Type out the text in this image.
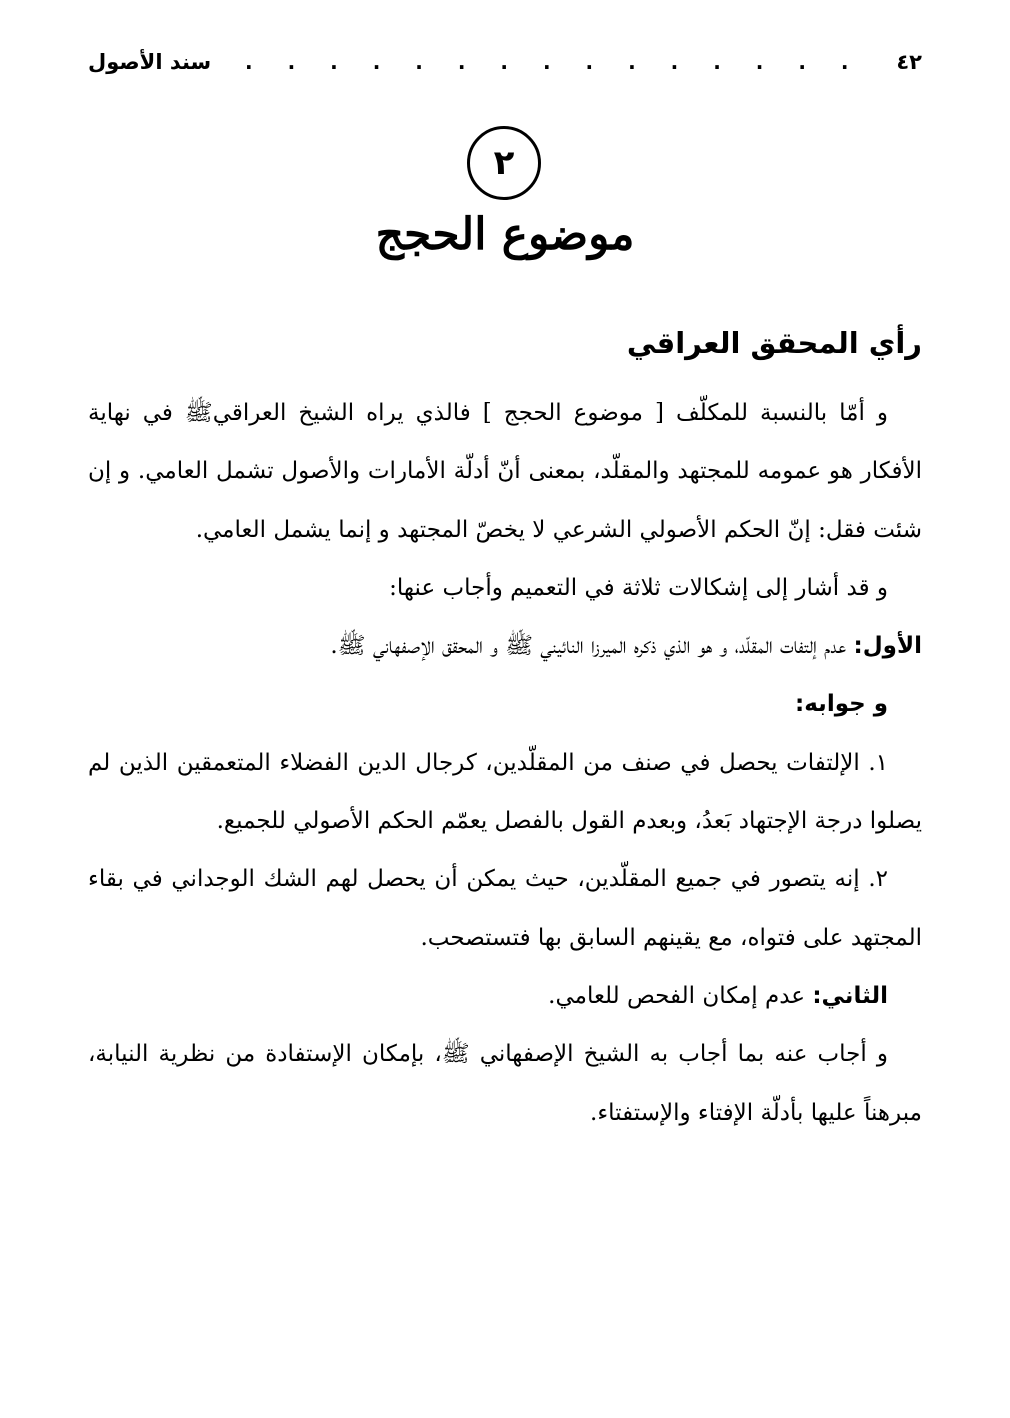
٤٢
. . . . . . . . . . . . . . .
سند الأصول
٢
موضوع الحجج
رأي المحقق العراقي

و أمّا بالنسبة للمكلّف [ موضوع الحجج ] فالذي يراه الشيخ العراقيﷺ في نهاية الأفكار هو عمومه للمجتهد والمقلّد، بمعنى أنّ أدلّة الأمارات والأصول تشمل العامي. و إن شئت فقل: إنّ الحكم الأصولي الشرعي لا يخصّ المجتهد و إنما يشمل العامي.

و قد أشار إلى إشكالات ثلاثة في التعميم وأجاب عنها:

الأول: عدم إلتفات المقلّد، و هو الذي ذكره الميرزا النائيني ﷺ و المحقق الإصفهاني ﷺ.

و جوابه:

١. الإلتفات يحصل في صنف من المقلّدين، كرجال الدين الفضلاء المتعمقين الذين لم يصلوا درجة الإجتهاد بَعدُ، وبعدم القول بالفصل يعمّم الحكم الأصولي للجميع.

٢. إنه يتصور في جميع المقلّدين، حيث يمكن أن يحصل لهم الشك الوجداني في بقاء المجتهد على فتواه، مع يقينهم السابق بها فتستصحب.

الثاني: عدم إمكان الفحص للعامي.

و أجاب عنه بما أجاب به الشيخ الإصفهاني ﷺ، بإمكان الإستفادة من نظرية النيابة، مبرهناً عليها بأدلّة الإفتاء والإستفتاء.
